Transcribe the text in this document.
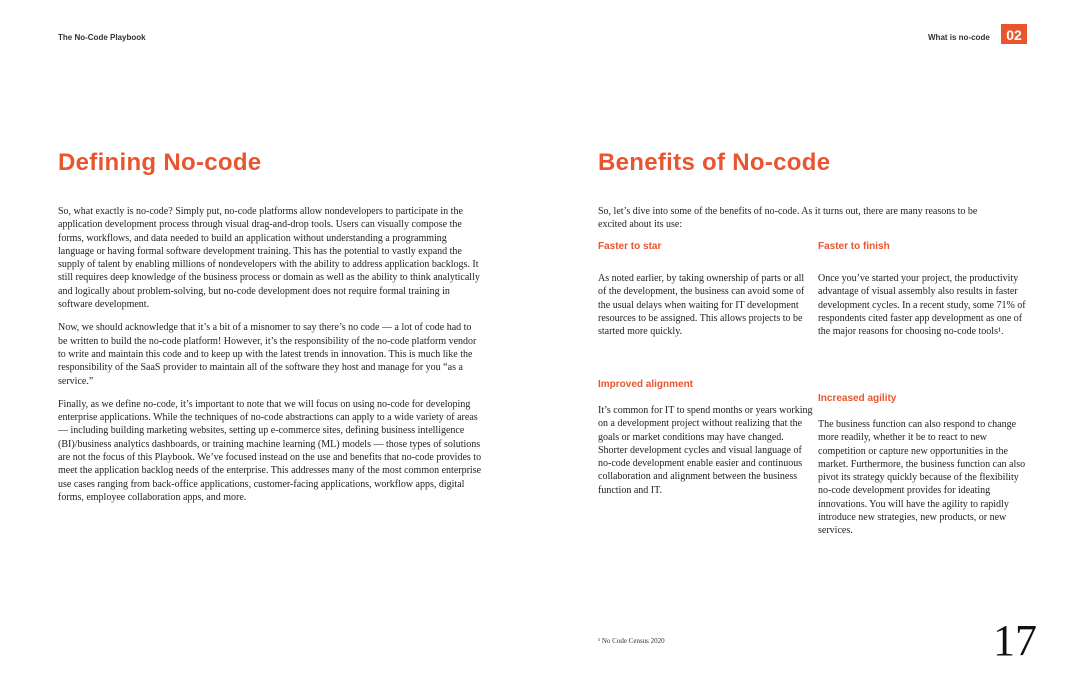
The No-Code Playbook	What is no-code	02
Defining No-code

So, what exactly is no-code? Simply put, no-code platforms allow nondevelopers to participate in the application development process through visual drag-and-drop tools. Users can visually compose the forms, workflows, and data needed to build an application without understanding a programming language or having formal software development training. This has the potential to vastly expand the supply of talent by enabling millions of nondevelopers with the ability to address application backlogs. It still requires deep knowledge of the business process or domain as well as the ability to think analytically and logically about problem-solving, but no-code development does not require formal training in software development.

Now, we should acknowledge that it’s a bit of a misnomer to say there’s no code — a lot of code had to be written to build the no-code platform! However, it’s the responsibility of the no-code platform vendor to write and maintain this code and to keep up with the latest trends in innovation. This is much like the responsibility of the SaaS provider to maintain all of the software they host and manage for you “as a service.”

Finally, as we define no-code, it’s important to note that we will focus on using no-code for developing enterprise applications. While the techniques of no-code abstractions can apply to a wide variety of areas — including building marketing websites, setting up e-commerce sites, defining business intelligence (BI)/business analytics dashboards, or training machine learning (ML) models — those types of solutions are not the focus of this Playbook. We’ve focused instead on the use and benefits that no-code provides to meet the application backlog needs of the enterprise. This addresses many of the most common enterprise use cases ranging from back-office applications, customer-facing applications, workflow apps, digital forms, employee collaboration apps, and more.

Benefits of No-code

So, let’s dive into some of the benefits of no-code. As it turns out, there are many reasons to be excited about its use:

Faster to star

As noted earlier, by taking ownership of parts or all of the development, the business can avoid some of the usual delays when waiting for IT development resources to be assigned. This allows projects to be started more quickly.

Faster to finish

Once you’ve started your project, the productivity advantage of visual assembly also results in faster development cycles. In a recent study, some 71% of respondents cited faster app development as one of the major reasons for choosing no-code tools¹.

Improved alignment

It’s common for IT to spend months or years working on a development project without realizing that the goals or market conditions may have changed. Shorter development cycles and visual language of no-code development enable easier and continuous collaboration and alignment between the business function and IT.

Increased agility

The business function can also respond to change more readily, whether it be to react to new competition or capture new opportunities in the market. Furthermore, the business function can also pivot its strategy quickly because of the flexibility no-code development provides for ideating innovations. You will have the agility to rapidly introduce new strategies, new products, or new services.

¹ No Code Census 2020	17
